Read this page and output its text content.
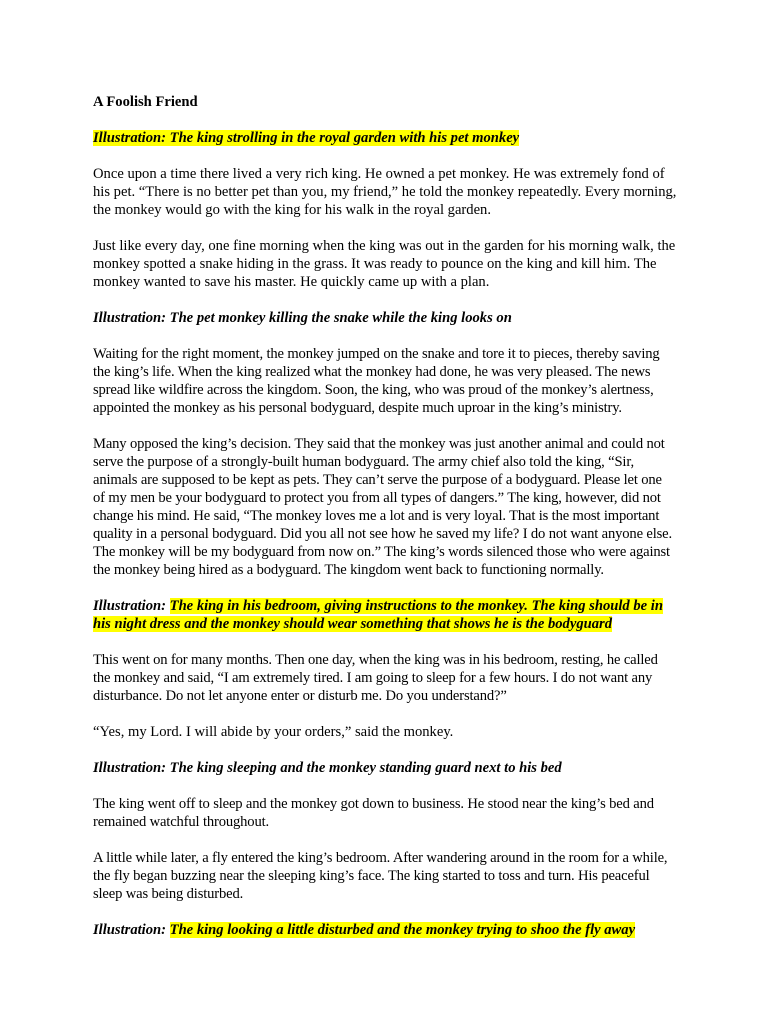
A Foolish Friend

Illustration: The king strolling in the royal garden with his pet monkey

Once upon a time there lived a very rich king. He owned a pet monkey. He was extremely fond of his pet. “There is no better pet than you, my friend,” he told the monkey repeatedly. Every morning, the monkey would go with the king for his walk in the royal garden.

Just like every day, one fine morning when the king was out in the garden for his morning walk, the monkey spotted a snake hiding in the grass. It was ready to pounce on the king and kill him. The monkey wanted to save his master. He quickly came up with a plan.

Illustration: The pet monkey killing the snake while the king looks on

Waiting for the right moment, the monkey jumped on the snake and tore it to pieces, thereby saving the king’s life. When the king realized what the monkey had done, he was very pleased. The news spread like wildfire across the kingdom. Soon, the king, who was proud of the monkey’s alertness, appointed the monkey as his personal bodyguard, despite much uproar in the king’s ministry.

Many opposed the king’s decision. They said that the monkey was just another animal and could not serve the purpose of a strongly-built human bodyguard. The army chief also told the king, “Sir, animals are supposed to be kept as pets. They can’t serve the purpose of a bodyguard. Please let one of my men be your bodyguard to protect you from all types of dangers.” The king, however, did not change his mind. He said, “The monkey loves me a lot and is very loyal. That is the most important quality in a personal bodyguard. Did you all not see how he saved my life? I do not want anyone else. The monkey will be my bodyguard from now on.” The king’s words silenced those who were against the monkey being hired as a bodyguard. The kingdom went back to functioning normally.

Illustration: The king in his bedroom, giving instructions to the monkey. The king should be in his night dress and the monkey should wear something that shows he is the bodyguard

This went on for many months. Then one day, when the king was in his bedroom, resting, he called the monkey and said, “I am extremely tired. I am going to sleep for a few hours. I do not want any disturbance. Do not let anyone enter or disturb me. Do you understand?”

“Yes, my Lord. I will abide by your orders,” said the monkey.

Illustration: The king sleeping and the monkey standing guard next to his bed

The king went off to sleep and the monkey got down to business. He stood near the king’s bed and remained watchful throughout.

A little while later, a fly entered the king’s bedroom. After wandering around in the room for a while, the fly began buzzing near the sleeping king’s face. The king started to toss and turn. His peaceful sleep was being disturbed.

Illustration: The king looking a little disturbed and the monkey trying to shoo the fly away
